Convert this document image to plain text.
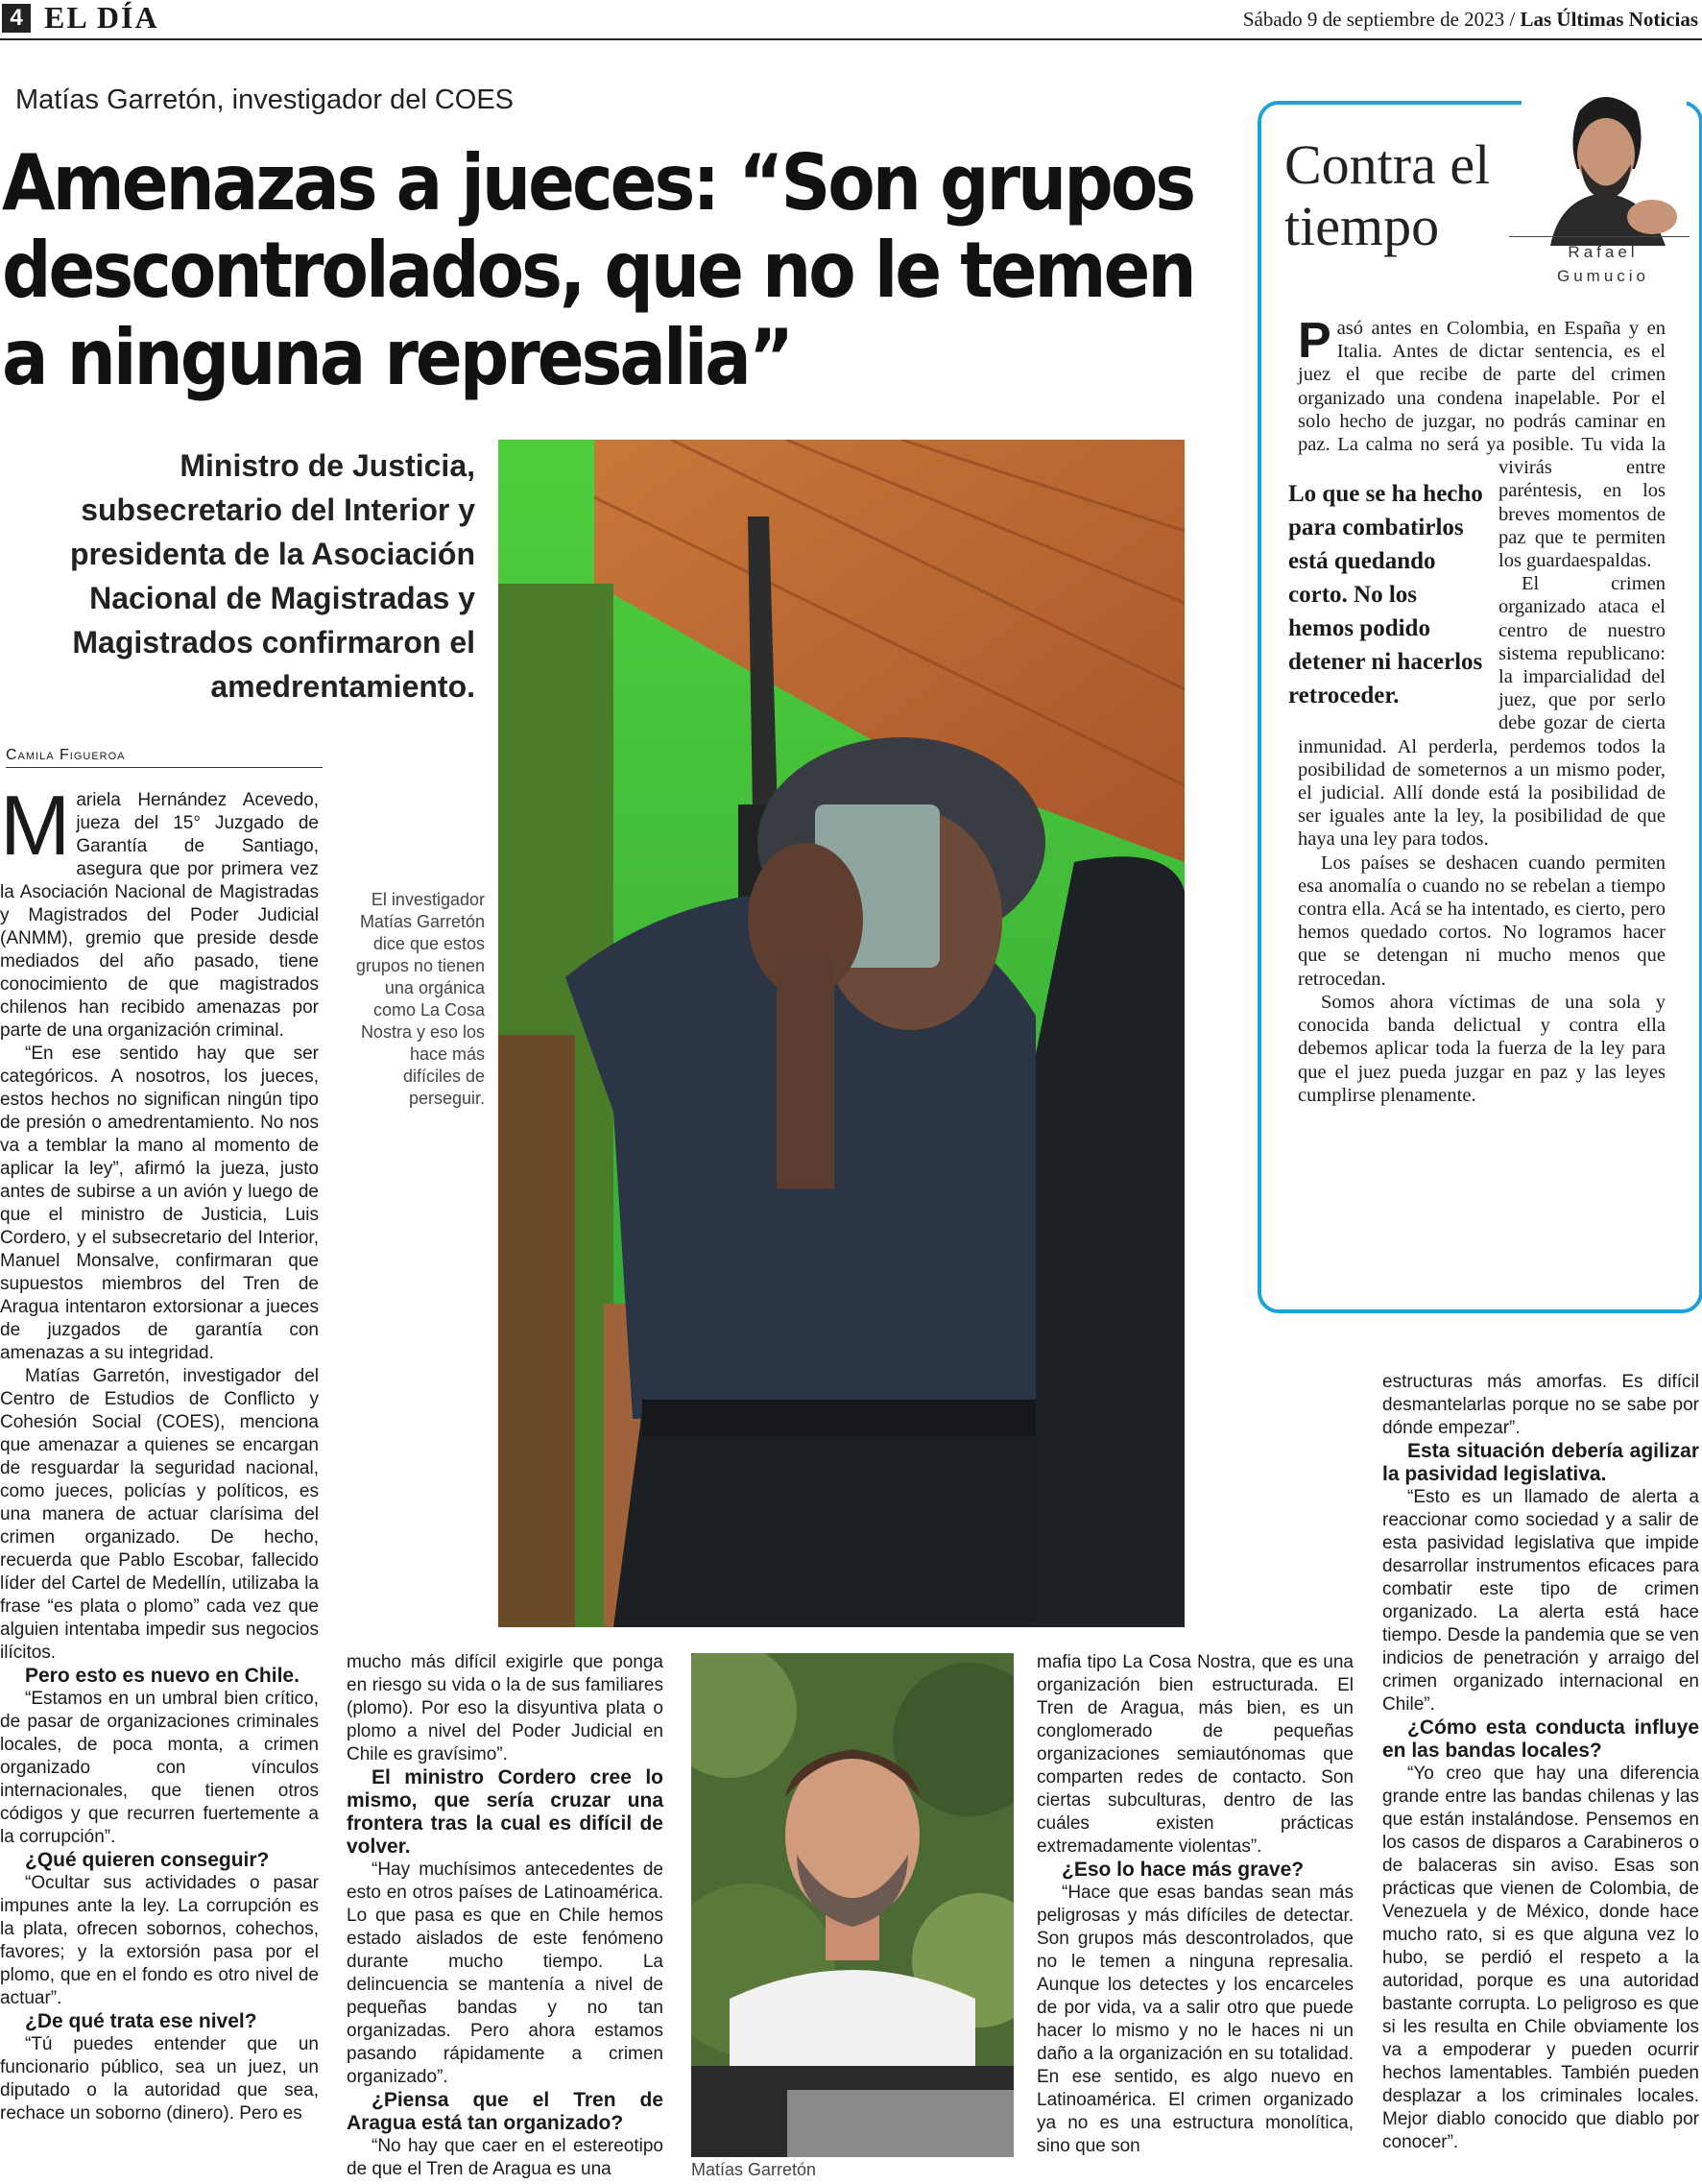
4 EL DÍA	Sábado 9 de septiembre de 2023 / Las Últimas Noticias
Matías Garretón, investigador del COES
Amenazas a jueces: “Son grupos descontrolados, que no le temen a ninguna represalia”
Ministro de Justicia, subsecretario del Interior y presidenta de la Asociación Nacional de Magistradas y Magistrados confirmaron el amedrentamiento.
Camila Figueroa

Mariela Hernández Acevedo, jueza del 15° Juzgado de Garantía de Santiago, asegura que por primera vez la Asociación Nacional de Magistradas y Magistrados del Poder Judicial (ANMM), gremio que preside desde mediados del año pasado, tiene conocimiento de que magistrados chilenos han recibido amenazas por parte de una organización criminal.

“En ese sentido hay que ser categóricos. A nosotros, los jueces, estos hechos no significan ningún tipo de presión o amedrentamiento. No nos va a temblar la mano al momento de aplicar la ley”, afirmó la jueza, justo antes de subirse a un avión y luego de que el ministro de Justicia, Luis Cordero, y el subsecretario del Interior, Manuel Monsalve, confirmaran que supuestos miembros del Tren de Aragua intentaron extorsionar a jueces de juzgados de garantía con amenazas a su integridad.

Matías Garretón, investigador del Centro de Estudios de Conflicto y Cohesión Social (COES), menciona que amenazar a quienes se encargan de resguardar la seguridad nacional, como jueces, policías y políticos, es una manera de actuar clarísima del crimen organizado. De hecho, recuerda que Pablo Escobar, fallecido líder del Cartel de Medellín, utilizaba la frase “es plata o plomo” cada vez que alguien intentaba impedir sus negocios ilícitos.

Pero esto es nuevo en Chile.

“Estamos en un umbral bien crítico, de pasar de organizaciones criminales locales, de poca monta, a crimen organizado con vínculos internacionales, que tienen otros códigos y que recurren fuertemente a la corrupción”.

¿Qué quieren conseguir?

“Ocultar sus actividades o pasar impunes ante la ley. La corrupción es la plata, ofrecen sobornos, cohechos, favores; y la extorsión pasa por el plomo, que en el fondo es otro nivel de actuar”.

¿De qué trata ese nivel?

“Tú puedes entender que un funcionario público, sea un juez, un diputado o la autoridad que sea, rechace un soborno (dinero). Pero es

El investigador Matías Garretón dice que estos grupos no tienen una orgánica como La Cosa Nostra y eso los hace más difíciles de perseguir.

mucho más difícil exigirle que ponga en riesgo su vida o la de sus familiares (plomo). Por eso la disyuntiva plata o plomo a nivel del Poder Judicial en Chile es gravísimo”.

El ministro Cordero cree lo mismo, que sería cruzar una frontera tras la cual es difícil de volver.

“Hay muchísimos antecedentes de esto en otros países de Latinoamérica. Lo que pasa es que en Chile hemos estado aislados de este fenómeno durante mucho tiempo. La delincuencia se mantenía a nivel de pequeñas bandas y no tan organizadas. Pero ahora estamos pasando rápidamente a crimen organizado”.

¿Piensa que el Tren de Aragua está tan organizado?

“No hay que caer en el estereotipo de que el Tren de Aragua es una	Matías Garretón

mafia tipo La Cosa Nostra, que es una organización bien estructurada. El Tren de Aragua, más bien, es un conglomerado de pequeñas organizaciones semiautónomas que comparten redes de contacto. Son ciertas subculturas, dentro de las cuáles existen prácticas extremadamente violentas”.

¿Eso lo hace más grave?

“Hace que esas bandas sean más peligrosas y más difíciles de detectar. Son grupos más descontrolados, que no le temen a ninguna represalia. Aunque los detectes y los encarceles de por vida, va a salir otro que puede hacer lo mismo y no le haces ni un daño a la organización en su totalidad. En ese sentido, es algo nuevo en Latinoamérica. El crimen organizado ya no es una estructura monolítica, sino que son

estructuras más amorfas. Es difícil desmantelarlas porque no se sabe por dónde empezar”.

Esta situación debería agilizar la pasividad legislativa.

“Esto es un llamado de alerta a reaccionar como sociedad y a salir de esta pasividad legislativa que impide desarrollar instrumentos eficaces para combatir este tipo de crimen organizado. La alerta está hace tiempo. Desde la pandemia que se ven indicios de penetración y arraigo del crimen organizado internacional en Chile”.

¿Cómo esta conducta influye en las bandas locales?

“Yo creo que hay una diferencia grande entre las bandas chilenas y las que están instalándose. Pensemos en los casos de disparos a Carabineros o de balaceras sin aviso. Esas son prácticas que vienen de Colombia, de Venezuela y de México, donde hace mucho rato, si es que alguna vez lo hubo, se perdió el respeto a la autoridad, porque es una autoridad bastante corrupta. Lo peligroso es que si les resulta en Chile obviamente los va a empoderar y pueden ocurrir hechos lamentables. También pueden desplazar a los criminales locales. Mejor diablo conocido que diablo por conocer”.

Contra el tiempo	Rafael Gumucio

Pasó antes en Colombia, en España y en Italia. Antes de dictar sentencia, es el juez el que recibe de parte del crimen organizado una condena inapelable. Por el solo hecho de juzgar, no podrás caminar en paz. La calma no será ya posible.
Lo que se ha hecho para combatirlos está quedando corto. No los hemos podido detener ni hacerlos retroceder.
Tu vida la vivirás entre paréntesis, en los breves momentos de paz que te permiten los guardaespaldas.

El crimen organizado ataca el centro de nuestro sistema republicano: la imparcialidad del juez, que por serlo debe gozar de cierta inmunidad. Al perderla, perdemos todos la posibilidad de someternos a un mismo poder, el judicial. Allí donde está la posibilidad de ser iguales ante la ley, la posibilidad de que haya una ley para todos.

Los países se deshacen cuando permiten esa anomalía o cuando no se rebelan a tiempo contra ella. Acá se ha intentado, es cierto, pero hemos quedado cortos. No logramos hacer que se detengan ni mucho menos que retrocedan.

Somos ahora víctimas de una sola y conocida banda delictual y contra ella debemos aplicar toda la fuerza de la ley para que el juez pueda juzgar en paz y las leyes cumplirse plenamente.
